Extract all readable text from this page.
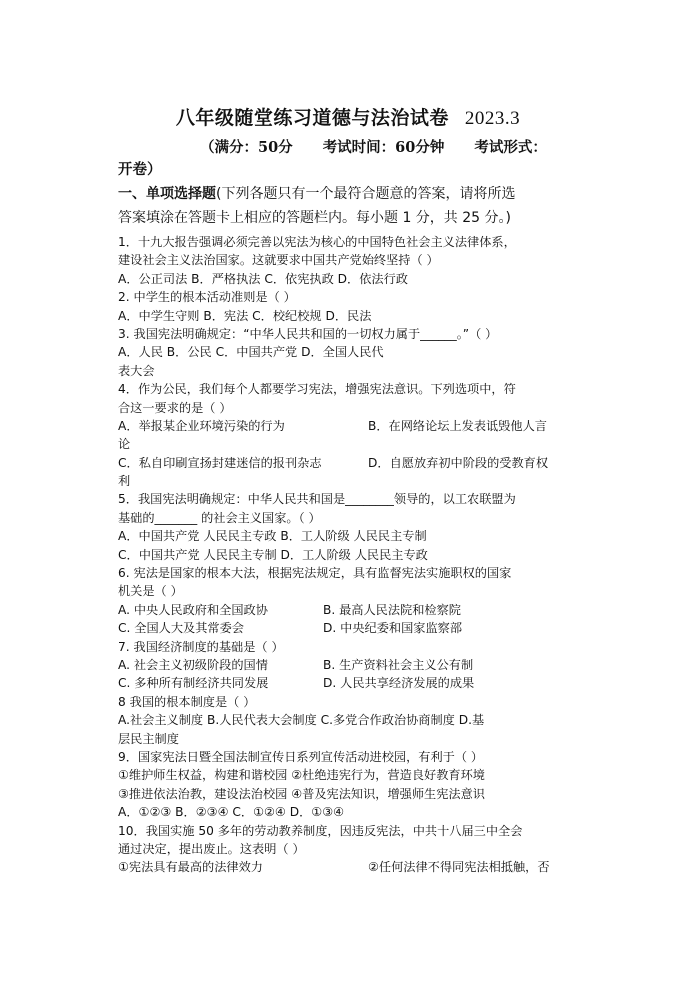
八年级随堂练习道德与法治试卷 2023.3
（满分：50分 考试时间：60分钟 考试形式：
开卷）
一、单项选择题(下列各题只有一个最符合题意的答案，请将所选
答案填涂在答题卡上相应的答题栏内。每小题 1 分，共 25 分。)
1．十九大报告强调必须完善以宪法为核心的中国特色社会主义法律体系，
建设社会主义法治国家。这就要求中国共产党始终坚持（ ）
A．公正司法 B．严格执法 C．依宪执政 D．依法行政
2. 中学生的根本活动准则是（ ）
A．中学生守则 B．宪法 C．校纪校规 D．民法
3. 我国宪法明确规定：“中华人民共和国的一切权力属于______。”（ ）
A．人民 B．公民 C．中国共产党 D．全国人民代
表大会
4．作为公民，我们每个人都要学习宪法，增强宪法意识。下列选项中，符
合这一要求的是（ ）
A．举报某企业环境污染的行为	B．在网络论坛上发表诋毁他人言
论
C．私自印刷宣扬封建迷信的报刊杂志	D．自愿放弃初中阶段的受教育权
利
5．我国宪法明确规定：中华人民共和国是________领导的，以工农联盟为
基础的_______ 的社会主义国家。（ ）
A．中国共产党 人民民主专政 B．工人阶级 人民民主专制
C．中国共产党 人民民主专制 D．工人阶级 人民民主专政
6. 宪法是国家的根本大法，根据宪法规定，具有监督宪法实施职权的国家
机关是（ ）
A. 中央人民政府和全国政协	B. 最高人民法院和检察院
C. 全国人大及其常委会	D. 中央纪委和国家监察部
7. 我国经济制度的基础是（ ）
A. 社会主义初级阶段的国情	B. 生产资料社会主义公有制
C. 多种所有制经济共同发展	D. 人民共享经济发展的成果
8 我国的根本制度是（ ）
A.社会主义制度 B.人民代表大会制度 C.多党合作政治协商制度 D.基
层民主制度
9．国家宪法日暨全国法制宣传日系列宣传活动进校园，有利于（ ）
①维护师生权益，构建和谐校园 ②杜绝违宪行为，营造良好教育环境
③推进依法治教，建设法治校园 ④普及宪法知识，增强师生宪法意识
A．①②③ B．②③④ C．①②④ D．①③④
10．我国实施 50 多年的劳动教养制度，因违反宪法，中共十八届三中全会
通过决定，提出废止。这表明（ ）
①宪法具有最高的法律效力	②任何法律不得同宪法相抵触，否
